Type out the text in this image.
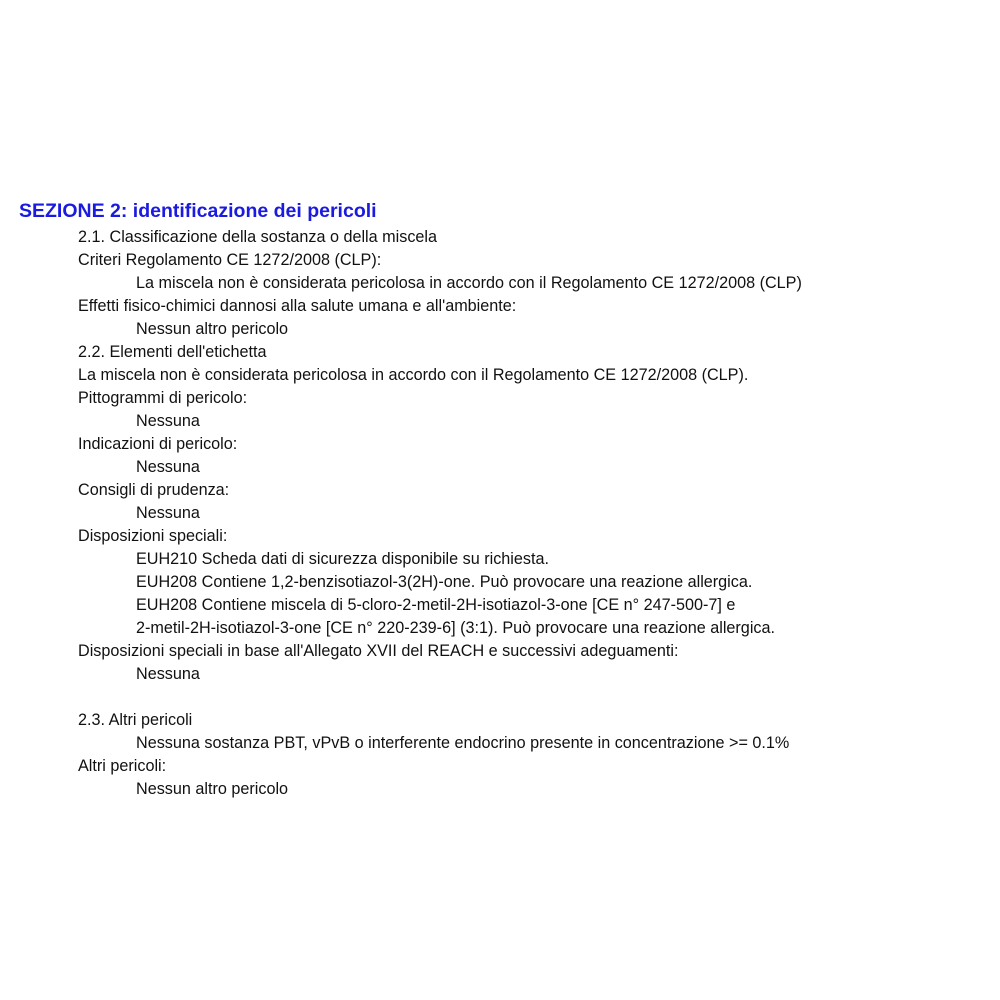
SEZIONE 2: identificazione dei pericoli
2.1. Classificazione della sostanza o della miscela
Criteri Regolamento CE 1272/2008 (CLP):
La miscela non è considerata pericolosa in accordo con il Regolamento CE 1272/2008 (CLP)
Effetti fisico-chimici dannosi alla salute umana e all'ambiente:
Nessun altro pericolo
2.2. Elementi dell'etichetta
La miscela non è considerata pericolosa in accordo con il Regolamento CE 1272/2008 (CLP).
Pittogrammi di pericolo:
Nessuna
Indicazioni di pericolo:
Nessuna
Consigli di prudenza:
Nessuna
Disposizioni speciali:
EUH210 Scheda dati di sicurezza disponibile su richiesta.
EUH208 Contiene 1,2-benzisotiazol-3(2H)-one. Può provocare una reazione allergica.
EUH208 Contiene miscela di 5-cloro-2-metil-2H-isotiazol-3-one [CE n° 247-500-7] e
2-metil-2H-isotiazol-3-one [CE n° 220-239-6] (3:1). Può provocare una reazione allergica.
Disposizioni speciali in base all'Allegato XVII del REACH e successivi adeguamenti:
Nessuna
2.3. Altri pericoli
Nessuna sostanza PBT, vPvB o interferente endocrino presente in concentrazione >= 0.1%
Altri pericoli:
Nessun altro pericolo
